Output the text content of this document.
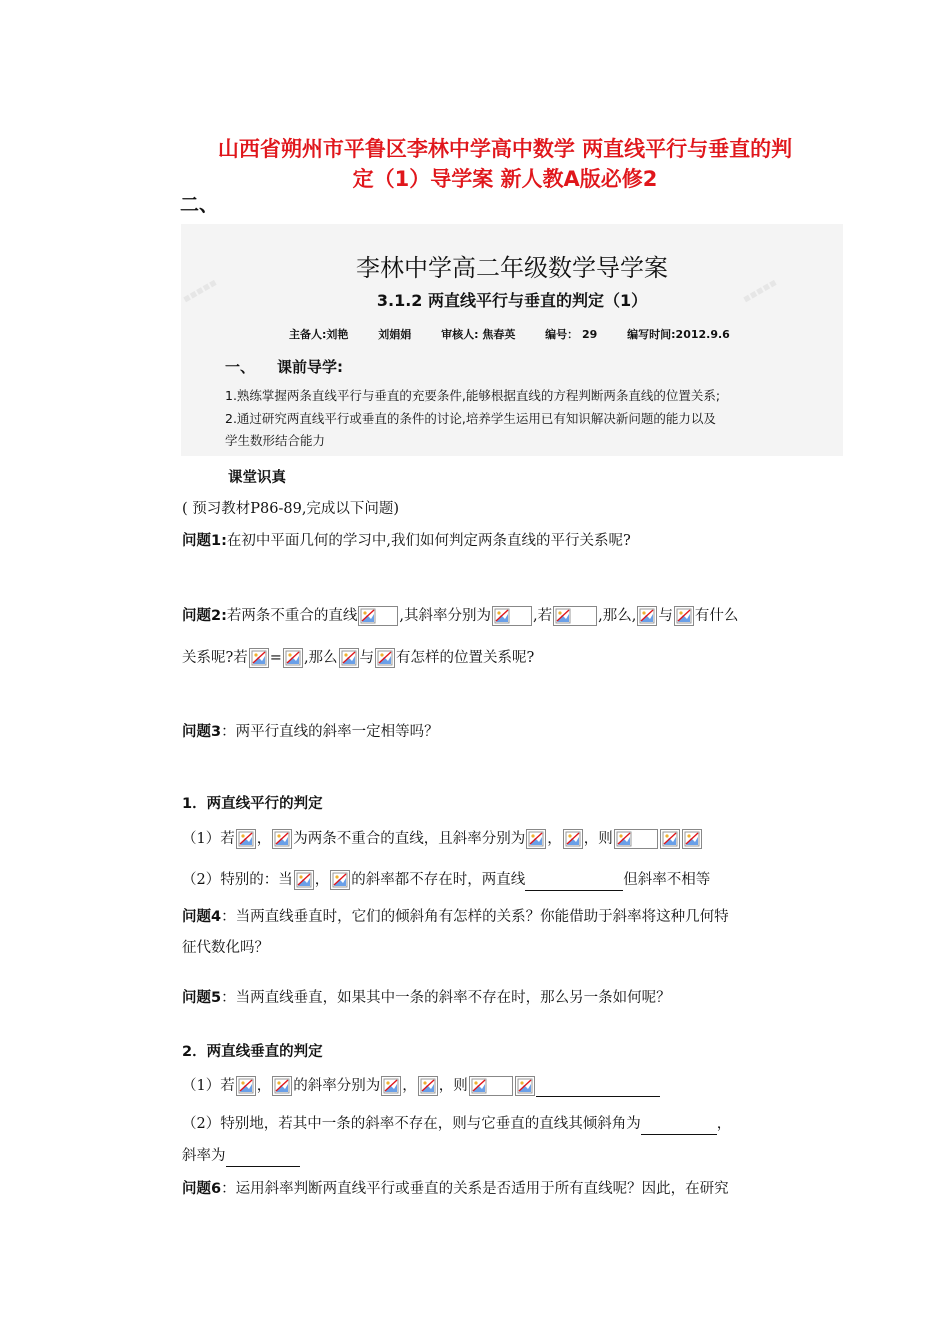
山西省朔州市平鲁区李林中学高中数学 两直线平行与垂直的判
定（1）导学案 新人教A版必修2
二、
▪▪▪▪▪	▪▪▪▪▪
李林中学高二年级数学导学案
3.1.2 两直线平行与垂直的判定（1）
主备人:刘艳	刘娟娟	审核人: 焦春英	编号： 29	编写时间:2012.9.6
一、 课前导学:
1.熟练掌握两条直线平行与垂直的充要条件,能够根据直线的方程判断两条直线的位置关系;
2.通过研究两直线平行或垂直的条件的讨论,培养学生运用已有知识解决新问题的能力以及
学生数形结合能力
课堂识真
( 预习教材P86-89,完成以下问题)
问题1:在初中平面几何的学习中,我们如何判定两条直线的平行关系呢?
问题2:若两条不重合的直线	,其斜率分别为	,若	,那么, 与 有什么
关系呢?若 = ,那么 与 有怎样的位置关系呢?
问题3：两平行直线的斜率一定相等吗？
1．两直线平行的判定
（1）若 ， 为两条不重合的直线，且斜率分别为 ， ，则
（2）特别的：当 ， 的斜率都不存在时，两直线	但斜率不相等
问题4：当两直线垂直时，它们的倾斜角有怎样的关系？你能借助于斜率将这种几何特
征代数化吗？
问题5：当两直线垂直，如果其中一条的斜率不存在时，那么另一条如何呢？
2．两直线垂直的判定
（1）若 ， 的斜率分别为 ， ，则
（2）特别地，若其中一条的斜率不存在，则与它垂直的直线其倾斜角为	，
斜率为
问题6：运用斜率判断两直线平行或垂直的关系是否适用于所有直线呢？因此，在研究
